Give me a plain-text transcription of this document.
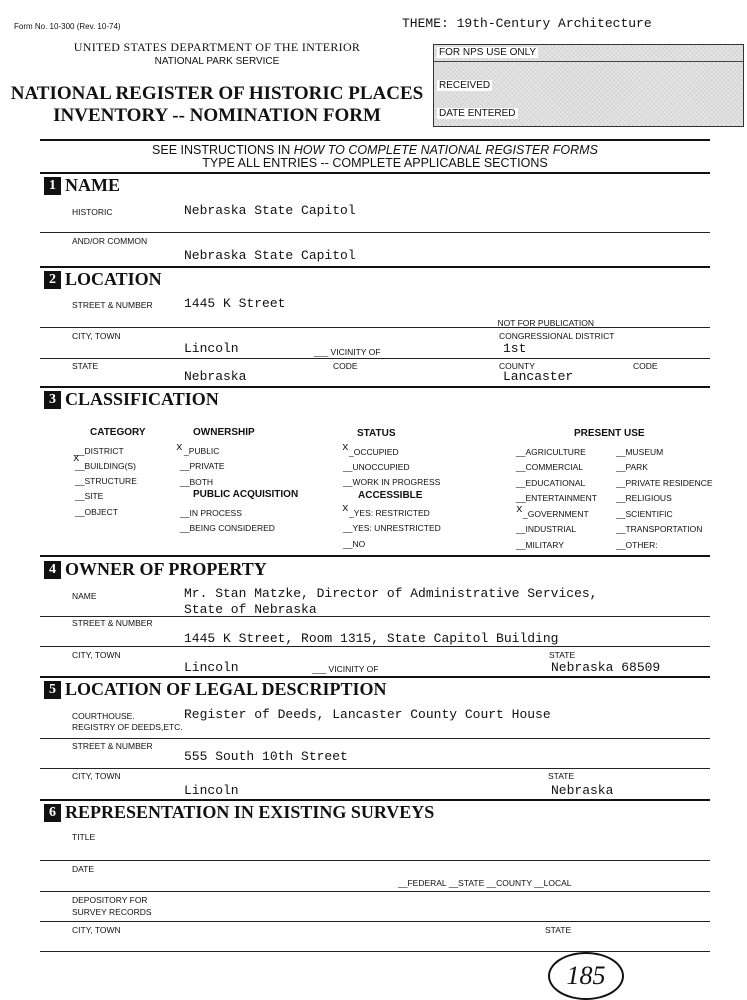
Form No. 10-300 (Rev. 10-74)	THEME: 19th-Century Architecture
UNITED STATES DEPARTMENT OF THE INTERIOR
NATIONAL PARK SERVICE
NATIONAL REGISTER OF HISTORIC PLACES
INVENTORY -- NOMINATION FORM
FOR NPS USE ONLY
RECEIVED
DATE ENTERED
SEE INSTRUCTIONS IN HOW TO COMPLETE NATIONAL REGISTER FORMS
TYPE ALL ENTRIES -- COMPLETE APPLICABLE SECTIONS
1 NAME
HISTORIC	Nebraska State Capitol
AND/OR COMMON
Nebraska State Capitol
2 LOCATION
STREET & NUMBER 1445 K Street
__NOT FOR PUBLICATION
CITY, TOWN	CONGRESSIONAL DISTRICT
Lincoln	___ VICINITY OF	1st
STATE	CODE	COUNTY	CODE
Nebraska	Lancaster
3 CLASSIFICATION
CATEGORY
__DISTRICT
__BUILDING(S)
x
__STRUCTURE
__SITE
__OBJECT
OWNERSHIP
x _PUBLIC
__PRIVATE
__BOTH
PUBLIC ACQUISITION
__IN PROCESS
__BEING CONSIDERED
STATUS
x _OCCUPIED
__UNOCCUPIED
__WORK IN PROGRESS
ACCESSIBLE
x _YES: RESTRICTED
__YES: UNRESTRICTED
__NO
PRESENT USE
__AGRICULTURE
__COMMERCIAL
__EDUCATIONAL
__ENTERTAINMENT
x _GOVERNMENT
__INDUSTRIAL
__MILITARY
__MUSEUM
__PARK
__PRIVATE RESIDENCE
__RELIGIOUS
__SCIENTIFIC
__TRANSPORTATION
__OTHER:
4 OWNER OF PROPERTY
NAME	Mr. Stan Matzke, Director of Administrative Services,
State of Nebraska
STREET & NUMBER
1445 K Street, Room 1315, State Capitol Building
CITY, TOWN	STATE
Lincoln	___ VICINITY OF	Nebraska 68509
5 LOCATION OF LEGAL DESCRIPTION
COURTHOUSE.
REGISTRY OF DEEDS,ETC.
Register of Deeds, Lancaster County Court House
STREET & NUMBER
555 South 10th Street
CITY, TOWN	STATE
Lincoln	Nebraska
6 REPRESENTATION IN EXISTING SURVEYS
TITLE
DATE
__FEDERAL __STATE __COUNTY __LOCAL
DEPOSITORY FOR
SURVEY RECORDS
CITY, TOWN	STATE
185
